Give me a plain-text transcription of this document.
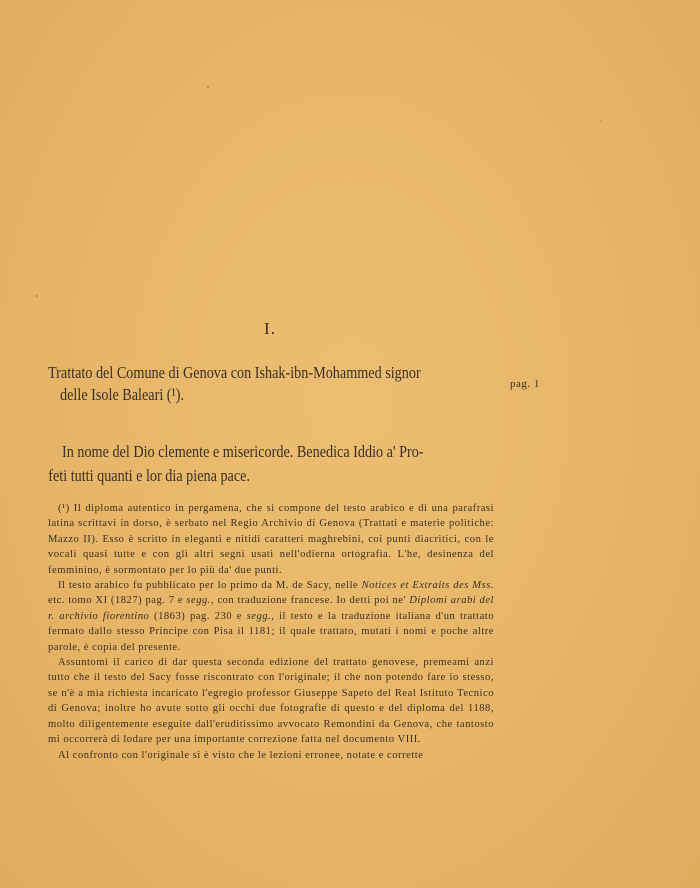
I.
Trattato del Comune di Genova con Ishak-ibn-Mohammed signor
delle Isole Baleari (¹).
pag. 1
In nome del Dio clemente e misericorde. Benedica Iddio a' Pro-
feti tutti quanti e lor dia piena pace.

(¹) Il diploma autentico in pergamena, che si compone del testo arabico e di una parafrasi latina scrittavi in dorso, è serbato nel Regio Archivio di Genova (Trattati e materie politiche: Mazzo II). Esso è scritto in eleganti e nitidi caratteri maghrebini, coi punti diacritici, con le vocali quasi tutte e con gli altri segni usati nell'odierna ortografia. L'he, desinenza del femminino, è sormontato per lo più da' due punti.

Il testo arabico fu pubblicato per lo primo da M. de Sacy, nelle Notices et Extraits des Mss. etc. tomo XI (1827) pag. 7 e segg., con traduzione francese. Io detti poi ne' Diplomi arabi del r. archivio fiorentino (1863) pag. 230 e segg., il testo e la traduzione italiana d'un trattato fermato dallo stesso Principe con Pisa il 1181; il quale trattato, mutati i nomi e poche altre parole, è copia del presente.

Assuntomi il carico di dar questa seconda edizione del trattato genovese, premeami anzi tutto che il testo del Sacy fosse riscontrato con l'originale; il che non potendo fare io stesso, se n'è a mia richiesta incaricato l'egregio professor Giuseppe Sapeto del Real Istituto Tecnico di Genova; inoltre ho avute sotto gli occhi due fotografie di questo e del diploma del 1188, molto diligentemente eseguite dall'eruditissimo avvocato Remondini da Genova, che tantosto mi occorrerà di lodare per una importante correzione fatta nel documento VIII.

Al confronto con l'originale si è visto che le lezioni erronee, notate e corrette
